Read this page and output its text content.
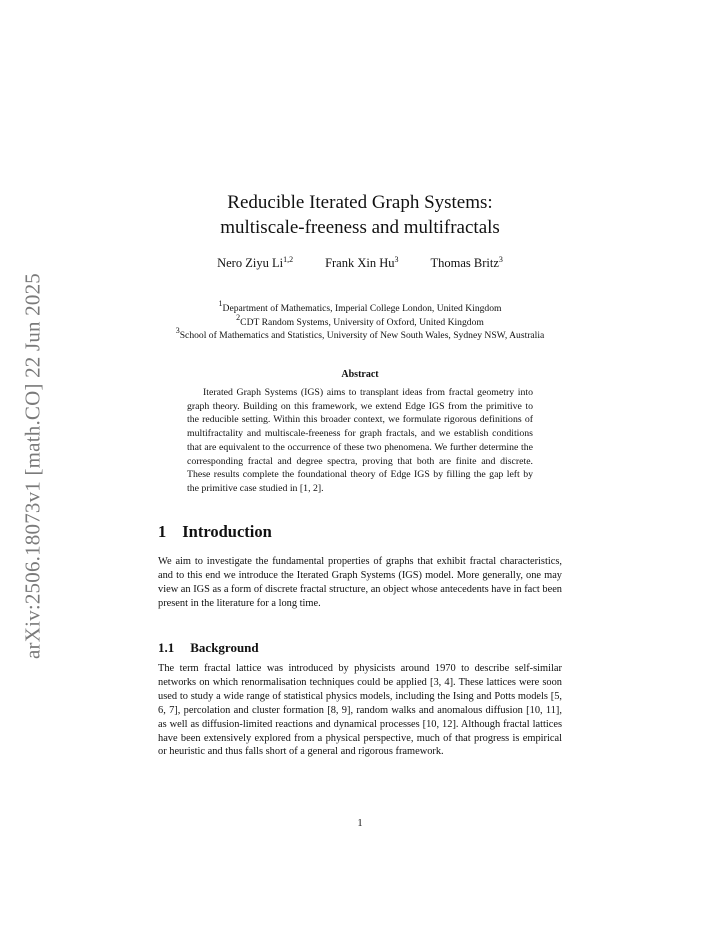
arXiv:2506.18073v1 [math.CO] 22 Jun 2025
Reducible Iterated Graph Systems:
multiscale-freeness and multifractals
Nero Ziyu Li$^{1,2}$	Frank Xin Hu$^3$	Thomas Britz$^3$
$^1$Department of Mathematics, Imperial College London, United Kingdom
$^2$CDT Random Systems, University of Oxford, United Kingdom
$^3$School of Mathematics and Statistics, University of New South Wales, Sydney NSW, Australia
Abstract

Iterated Graph Systems (IGS) aims to transplant ideas from fractal geometry into graph theory. Building on this framework, we extend Edge IGS from the primitive to the reducible setting. Within this broader context, we formulate rigorous definitions of multifractality and multiscale-freeness for graph fractals, and we establish conditions that are equivalent to the occurrence of these two phenomena. We further determine the corresponding fractal and degree spectra, proving that both are finite and discrete. These results complete the foundational theory of Edge IGS by filling the gap left by the primitive case studied in [1, 2].

1 Introduction

We aim to investigate the fundamental properties of graphs that exhibit fractal characteristics, and to this end we introduce the Iterated Graph Systems (IGS) model. More generally, one may view an IGS as a form of discrete fractal structure, an object whose antecedents have in fact been present in the literature for a long time.

1.1 Background

The term fractal lattice was introduced by physicists around 1970 to describe self-similar networks on which renormalisation techniques could be applied [3, 4]. These lattices were soon used to study a wide range of statistical physics models, including the Ising and Potts models [5, 6, 7], percolation and cluster formation [8, 9], random walks and anomalous diffusion [10, 11], as well as diffusion-limited reactions and dynamical processes [10, 12]. Although fractal lattices have been extensively explored from a physical perspective, much of that progress is empirical or heuristic and thus falls short of a general and rigorous framework.

1
